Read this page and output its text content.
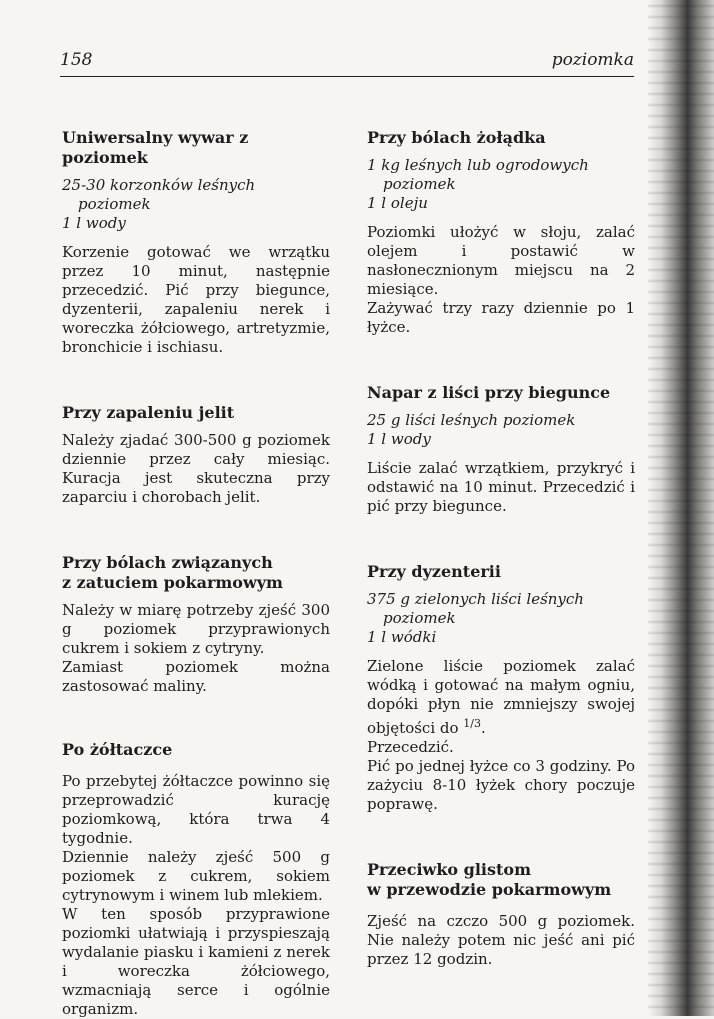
158	poziomka
Uniwersalny wywar z poziomek
25-30 korzonków leśnych poziomek
1 l wody

Korzenie gotować we wrzątku przez 10 minut, następnie przecedzić. Pić przy biegunce, dyzenterii, zapaleniu nerek i woreczka żółciowego, artretyzmie, bronchicie i ischiasu.

Przy zapaleniu jelit

Należy zjadać 300-500 g poziomek dziennie przez cały miesiąc. Kuracja jest skuteczna przy zaparciu i chorobach jelit.

Przy bólach związanych
z zatuciem pokarmowym

Należy w miarę potrzeby zjeść 300 g poziomek przyprawionych cukrem i sokiem z cytryny.

Zamiast poziomek można zastosować maliny.

Po żółtaczce

Po przebytej żółtaczce powinno się przeprowadzić kurację poziomkową, która trwa 4 tygodnie.

Dziennie należy zjeść 500 g poziomek z cukrem, sokiem cytrynowym i winem lub mlekiem.

W ten sposób przyprawione poziomki ułatwiają i przyspieszają wydalanie piasku i kamieni z nerek i woreczka żółciowego, wzmacniają serce i ogólnie organizm.

Przy bólach żołądka
1 kg leśnych lub ogrodowych poziomek
1 l oleju

Poziomki ułożyć w słoju, zalać olejem i postawić w nasłonecznionym miejscu na 2 miesiące.

Zażywać trzy razy dziennie po 1 łyżce.

Napar z liści przy biegunce
25 g liści leśnych poziomek
1 l wody

Liście zalać wrzątkiem, przykryć i odstawić na 10 minut. Przecedzić i pić przy biegunce.

Przy dyzenterii
375 g zielonych liści leśnych poziomek
1 l wódki

Zielone liście poziomek zalać wódką i gotować na małym ogniu, dopóki płyn nie zmniejszy swojej objętości do $^{1/3}$.

Przecedzić.

Pić po jednej łyżce co 3 godziny. Po zażyciu 8-10 łyżek chory poczuje poprawę.

Przeciwko glistom
w przewodzie pokarmowym

Zjeść na czczo 500 g poziomek. Nie należy potem nic jeść ani pić przez 12 godzin.
